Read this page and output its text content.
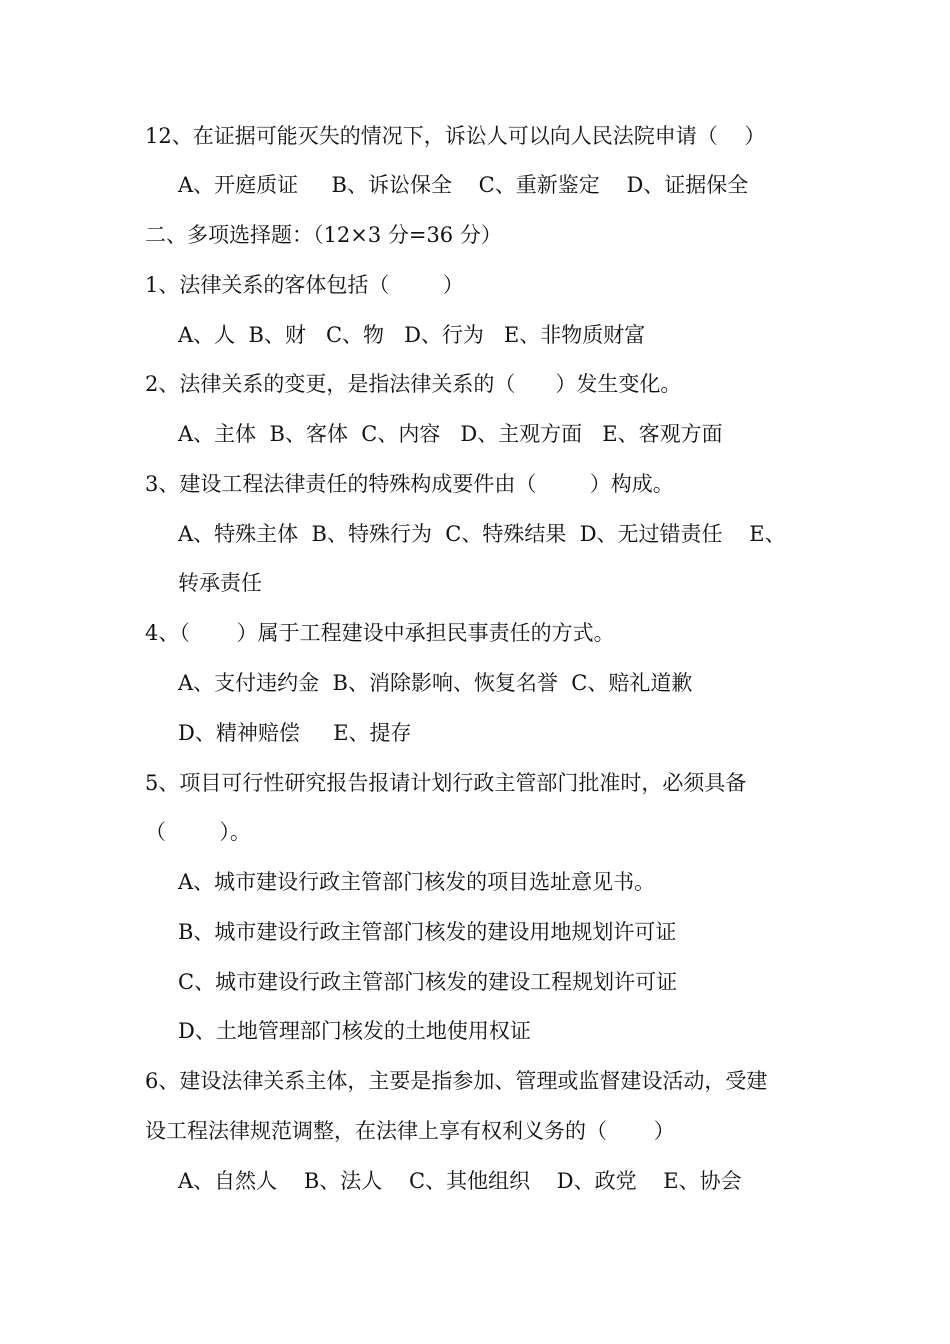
12、在证据可能灭失的情况下，诉讼人可以向人民法院申请（    ）
A、开庭质证     B、诉讼保全    C、重新鉴定    D、证据保全
二、多项选择题：（12×3 分=36 分）
1、法律关系的客体包括（        ）
A、人  B、财   C、物   D、行为   E、非物质财富
2、法律关系的变更，是指法律关系的（      ）发生变化。
A、主体  B、客体  C、内容   D、主观方面   E、客观方面
3、建设工程法律责任的特殊构成要件由（        ）构成。
A、特殊主体  B、特殊行为  C、特殊结果  D、无过错责任    E、
转承责任
4、（       ）属于工程建设中承担民事责任的方式。
A、支付违约金  B、消除影响、恢复名誉  C、赔礼道歉
D、精神赔偿     E、提存
5、项目可行性研究报告报请计划行政主管部门批准时，必须具备
（        ）。
A、城市建设行政主管部门核发的项目选址意见书。
B、城市建设行政主管部门核发的建设用地规划许可证
C、城市建设行政主管部门核发的建设工程规划许可证
D、土地管理部门核发的土地使用权证
6、建设法律关系主体，主要是指参加、管理或监督建设活动，受建
设工程法律规范调整，在法律上享有权利义务的（       ）
A、自然人    B、法人    C、其他组织    D、政党    E、协会
